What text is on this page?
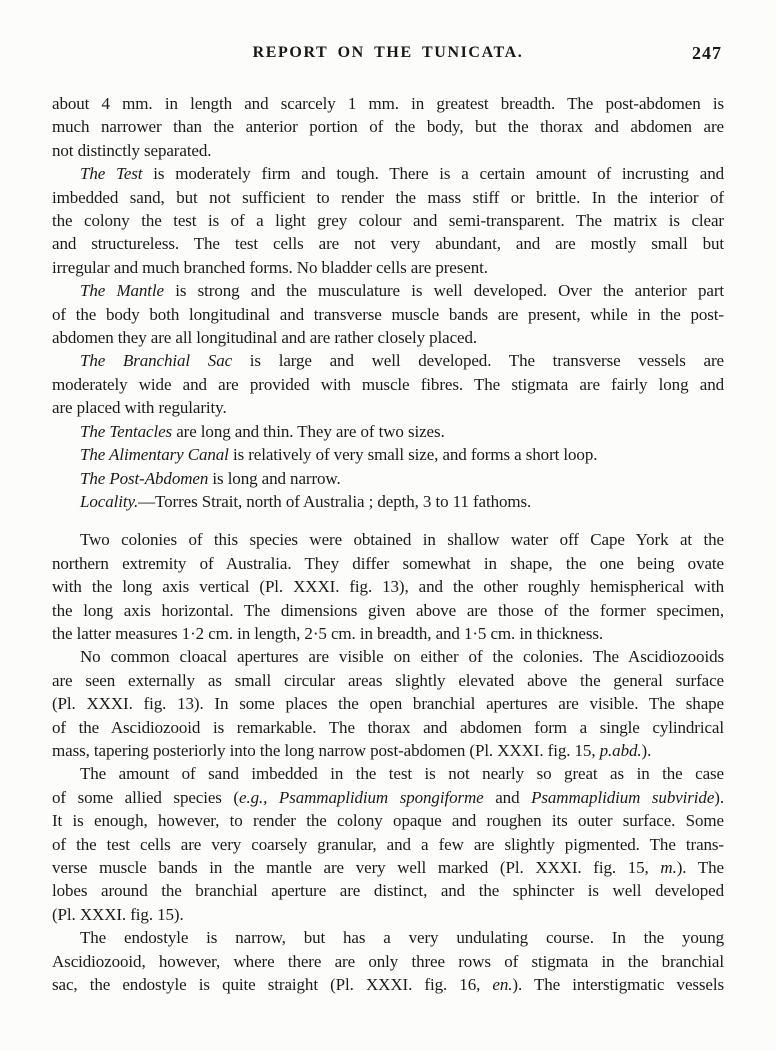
REPORT ON THE TUNICATA.	247
about 4 mm. in length and scarcely 1 mm. in greatest breadth. The post-abdomen is
much narrower than the anterior portion of the body, but the thorax and abdomen are
not distinctly separated.
The Test is moderately firm and tough. There is a certain amount of incrusting and
imbedded sand, but not sufficient to render the mass stiff or brittle. In the interior of
the colony the test is of a light grey colour and semi-transparent. The matrix is clear
and structureless. The test cells are not very abundant, and are mostly small but
irregular and much branched forms. No bladder cells are present.
The Mantle is strong and the musculature is well developed. Over the anterior part
of the body both longitudinal and transverse muscle bands are present, while in the post-
abdomen they are all longitudinal and are rather closely placed.
The Branchial Sac is large and well developed. The transverse vessels are
moderately wide and are provided with muscle fibres. The stigmata are fairly long and
are placed with regularity.
The Tentacles are long and thin. They are of two sizes.
The Alimentary Canal is relatively of very small size, and forms a short loop.
The Post-Abdomen is long and narrow.
Locality.—Torres Strait, north of Australia ; depth, 3 to 11 fathoms.
Two colonies of this species were obtained in shallow water off Cape York at the
northern extremity of Australia. They differ somewhat in shape, the one being ovate
with the long axis vertical (Pl. XXXI. fig. 13), and the other roughly hemispherical with
the long axis horizontal. The dimensions given above are those of the former specimen,
the latter measures 1·2 cm. in length, 2·5 cm. in breadth, and 1·5 cm. in thickness.
No common cloacal apertures are visible on either of the colonies. The Ascidiozooids
are seen externally as small circular areas slightly elevated above the general surface
(Pl. XXXI. fig. 13). In some places the open branchial apertures are visible. The shape
of the Ascidiozooid is remarkable. The thorax and abdomen form a single cylindrical
mass, tapering posteriorly into the long narrow post-abdomen (Pl. XXXI. fig. 15, p.abd.).
The amount of sand imbedded in the test is not nearly so great as in the case
of some allied species (e.g., Psammaplidium spongiforme and Psammaplidium subviride).
It is enough, however, to render the colony opaque and roughen its outer surface. Some
of the test cells are very coarsely granular, and a few are slightly pigmented. The trans-
verse muscle bands in the mantle are very well marked (Pl. XXXI. fig. 15, m.). The
lobes around the branchial aperture are distinct, and the sphincter is well developed
(Pl. XXXI. fig. 15).
The endostyle is narrow, but has a very undulating course. In the young
Ascidiozooid, however, where there are only three rows of stigmata in the branchial
sac, the endostyle is quite straight (Pl. XXXI. fig. 16, en.). The interstigmatic vessels
